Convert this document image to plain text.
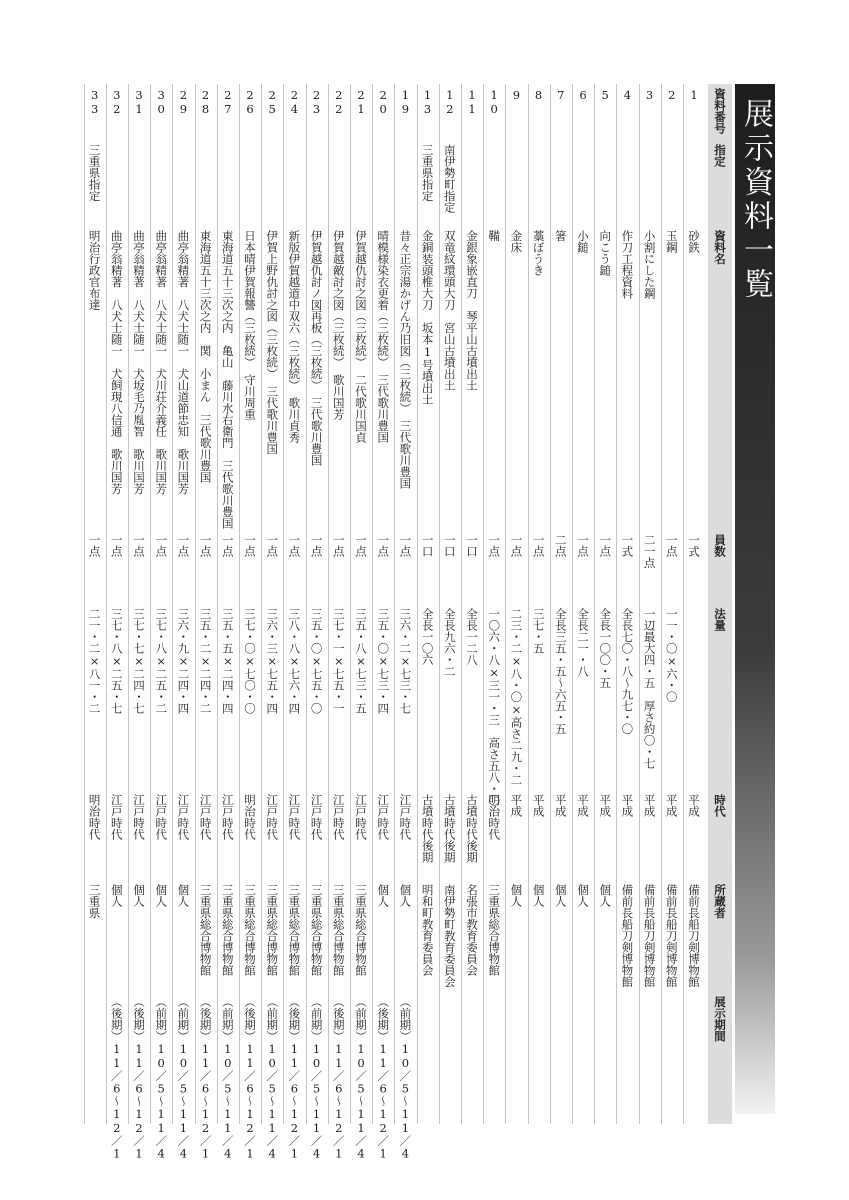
展示資料一覧
資料番号
指定
資料名
員数
法量
時代
所蔵者
展示期間
1
砂鉄
一式
平成
備前長船刀剣博物館
2
玉鋼
一点
一一・〇×六・〇
平成
備前長船刀剣博物館
3
小割にした鋼
二一点
一辺最大四・五　厚さ約〇・七
平成
備前長船刀剣博物館
4
作刀工程資料
一式
全長七〇・八〜九七・〇
平成
備前長船刀剣博物館
5
向こう鎚
一点
全長一〇〇・五
平成
個人
6
小鎚
一点
全長二一・八
平成
個人
7
箸
二点
全長三五・五〜六五・五
平成
個人
8
藁ぼうき
一点
三七・五
平成
個人
9
金床
一点
二三・二×八・〇×高さ二九・二
平成
個人
10
鞴
一点
一〇六・八×三一・三　高さ五八・〇
明治時代
三重県総合博物館
11
金銀象嵌直刀　琴平山古墳出土
一口
全長一二八
古墳時代後期
名張市教育委員会
12
南伊勢町指定
双竜紋環頭大刀　宮山古墳出土
一口
全長九六・二
古墳時代後期
南伊勢町教育委員会
13
三重県指定
金銅装頭椎大刀　坂本1号墳出土
一口
全長一〇六
古墳時代後期
明和町教育委員会
19
昔々正宗湯かげん乃旧図（三枚続）　三代歌川豊国
一点
三六・二×七三・七
江戸時代
個人
（前期）10／5〜11／4
20
晴模様染衣更着（三枚続）　三代歌川豊国
一点
三五・〇×七三・四
江戸時代
個人
（後期）11／6〜12／1
21
伊賀越仇討之図（三枚続）　二代歌川国貞
一点
三五・八×七三・五
江戸時代
三重県総合博物館
（前期）10／5〜11／4
22
伊賀越敵討之図（三枚続）　歌川国芳
一点
三七・一×七五・一
江戸時代
三重県総合博物館
（後期）11／6〜12／1
23
伊賀越仇討ノ図再板（三枚続）　三代歌川豊国
一点
三五・〇×七五・〇
江戸時代
三重県総合博物館
（前期）10／5〜11／4
24
新版伊賀越道中双六（三枚続）　歌川貞秀
一点
三八・八×七六・四
江戸時代
三重県総合博物館
（後期）11／6〜12／1
25
伊賀上野仇討之図（三枚続）　三代歌川豊国
一点
三六・三×七五・四
江戸時代
三重県総合博物館
（前期）10／5〜11／4
26
日本晴伊賀報讐（三枚続）　守川周重
一点
三七・〇×七〇・〇
明治時代
三重県総合博物館
（後期）11／6〜12／1
27
東海道五十三次之内　亀山　藤川水右衛門　三代歌川豊国
一点
三五・五×二四・四
江戸時代
三重県総合博物館
（前期）10／5〜11／4
28
東海道五十三次之内　関　小まん　三代歌川豊国
一点
三五・二×二四・二
江戸時代
三重県総合博物館
（後期）11／6〜12／1
29
曲亭翁精著　八犬士随一　犬山道節忠知　歌川国芳
一点
三六・九×二四・四
江戸時代
個人
（前期）10／5〜11／4
30
曲亭翁精著　八犬士随一　犬川荘介義任　歌川国芳
一点
三七・八×二五・二
江戸時代
個人
（前期）10／5〜11／4
31
曲亭翁精著　八犬士随一　犬坂毛乃胤智　歌川国芳
一点
三七・七×二四・七
江戸時代
個人
（後期）11／6〜12／1
32
曲亭翁精著　八犬士随一　犬飼現八信通　歌川国芳
一点
三七・八×二五・七
江戸時代
個人
（後期）11／6〜12／1
33
三重県指定
明治行政官布達
一点
二一・二×八一・二
明治時代
三重県
